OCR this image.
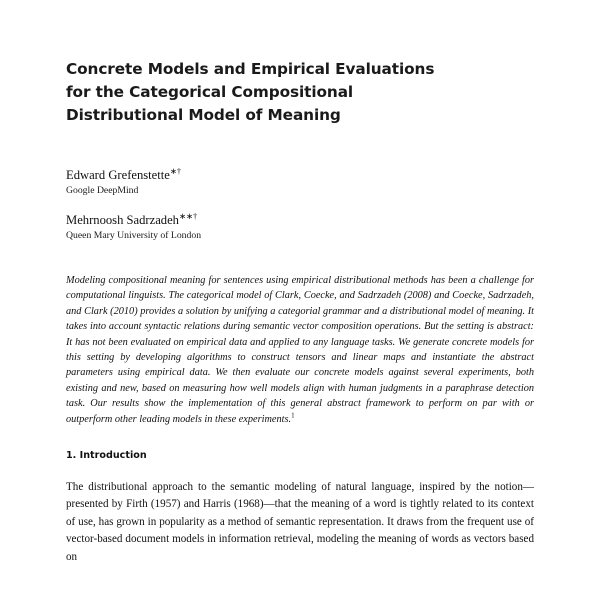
Concrete Models and Empirical Evaluations
for the Categorical Compositional
Distributional Model of Meaning
Edward Grefenstette∗†
Google DeepMind
Mehrnoosh Sadrzadeh∗∗†
Queen Mary University of London
Modeling compositional meaning for sentences using empirical distributional methods has been a challenge for computational linguists. The categorical model of Clark, Coecke, and Sadrzadeh (2008) and Coecke, Sadrzadeh, and Clark (2010) provides a solution by unifying a categorial grammar and a distributional model of meaning. It takes into account syntactic relations during semantic vector composition operations. But the setting is abstract: It has not been evaluated on empirical data and applied to any language tasks. We generate concrete models for this setting by developing algorithms to construct tensors and linear maps and instantiate the abstract parameters using empirical data. We then evaluate our concrete models against several experiments, both existing and new, based on measuring how well models align with human judgments in a paraphrase detection task. Our results show the implementation of this general abstract framework to perform on par with or outperform other leading models in these experiments.$^1$
1. Introduction
The distributional approach to the semantic modeling of natural language, inspired by the notion—presented by Firth (1957) and Harris (1968)—that the meaning of a word is tightly related to its context of use, has grown in popularity as a method of semantic representation. It draws from the frequent use of vector-based document models in information retrieval, modeling the meaning of words as vectors based on
